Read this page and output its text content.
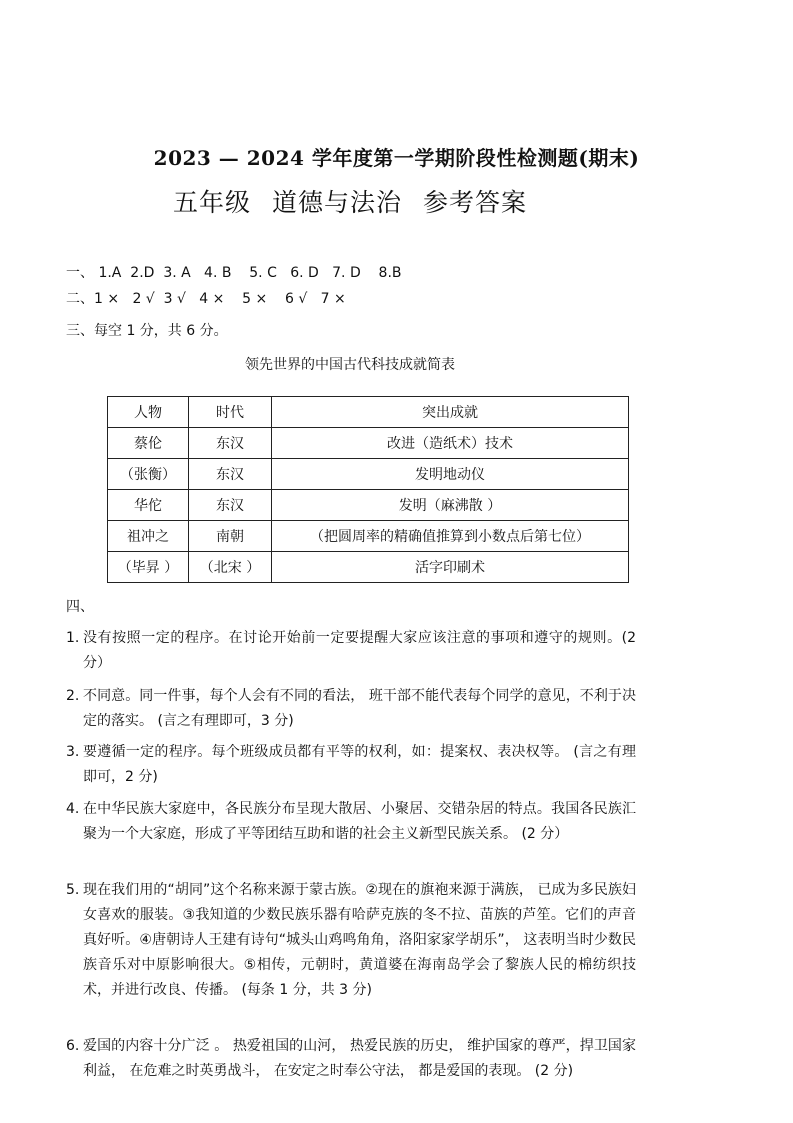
2023 — 2024 学年度第一学期阶段性检测题(期末)
五年级 道德与法治 参考答案
一、 1.A  2.D  3. A   4. B    5. C   6. D   7. D    8.B
二、1 ×   2 √  3 √   4 ×    5 ×    6 √   7 ×
三、每空 1 分，共 6 分。
领先世界的中国古代科技成就简表
人物	时代	突出成就
蔡伦	东汉	改进（造纸术）技术
（张衡）	东汉	发明地动仪
华佗	东汉	发明（麻沸散 ）
祖冲之	南朝	（把圆周率的精确值推算到小数点后第七位）
（毕昇 ）	（北宋 ）	活字印刷术
四、
1. 没有按照一定的程序。在讨论开始前一定要提醒大家应该注意的事项和遵守的规则。(2 分）
2. 不同意。同一件事，每个人会有不同的看法， 班干部不能代表每个同学的意见，不利于决定的落实。 (言之有理即可，3 分)
3. 要遵循一定的程序。每个班级成员都有平等的权利，如：提案权、表决权等。 (言之有理即可，2 分)
4. 在中华民族大家庭中，各民族分布呈现大散居、小聚居、交错杂居的特点。我国各民族汇聚为一个大家庭，形成了平等团结互助和谐的社会主义新型民族关系。 (2 分）
5. 现在我们用的“胡同”这个名称来源于蒙古族。②现在的旗袍来源于满族， 已成为多民族妇女喜欢的服装。③我知道的少数民族乐器有哈萨克族的冬不拉、苗族的芦笙。它们的声音真好听。④唐朝诗人王建有诗句“城头山鸡鸣角角，洛阳家家学胡乐”， 这表明当时少数民族音乐对中原影响很大。⑤相传，元朝时，黄道婆在海南岛学会了黎族人民的棉纺织技术，并进行改良、传播。 (每条 1 分，共 3 分)
6. 爱国的内容十分广泛 。 热爱祖国的山河， 热爱民族的历史， 维护国家的尊严，捍卫国家利益， 在危难之时英勇战斗， 在安定之时奉公守法， 都是爱国的表现。 (2 分)
